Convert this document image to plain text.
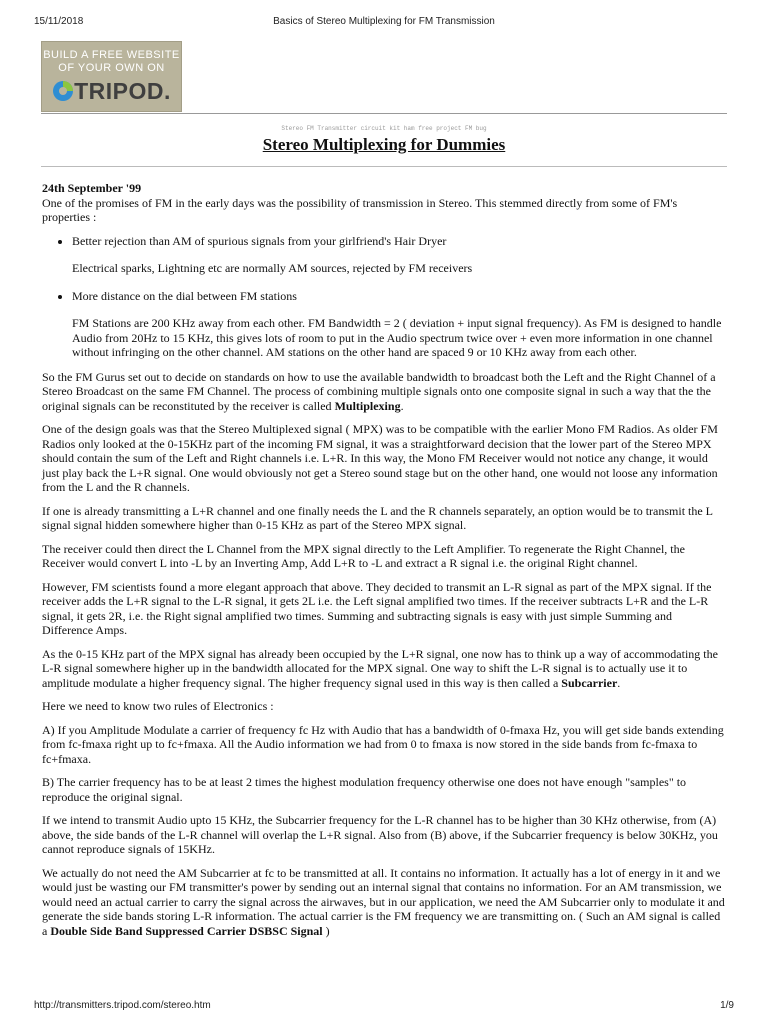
15/11/2018	Basics of Stereo Multiplexing for FM Transmission
BUILD A FREE WEBSITE
OF YOUR OWN ON
TRIPOD.
Stereo FM Transmitter circuit kit ham free project FM bug
Stereo Multiplexing for Dummies

24th September '99

One of the promises of FM in the early days was the possibility of transmission in Stereo. This stemmed directly from some of FM's properties :

• Better rejection than AM of spurious signals from your girlfriend's Hair Dryer

Electrical sparks, Lightning etc are normally AM sources, rejected by FM receivers

• More distance on the dial between FM stations

FM Stations are 200 KHz away from each other. FM Bandwidth = 2 ( deviation + input signal frequency). As FM is designed to handle Audio from 20Hz to 15 KHz, this gives lots of room to put in the Audio spectrum twice over + even more information in one channel without infringing on the other channel. AM stations on the other hand are spaced 9 or 10 KHz away from each other.

So the FM Gurus set out to decide on standards on how to use the available bandwidth to broadcast both the Left and the Right Channel of a Stereo Broadcast on the same FM Channel. The process of combining multiple signals onto one composite signal in such a way that the the original signals can be reconstituted by the receiver is called Multiplexing.

One of the design goals was that the Stereo Multiplexed signal ( MPX) was to be compatible with the earlier Mono FM Radios. As older FM Radios only looked at the 0-15KHz part of the incoming FM signal, it was a straightforward decision that the lower part of the Stereo MPX should contain the sum of the Left and Right channels i.e. L+R. In this way, the Mono FM Receiver would not notice any change, it would just play back the L+R signal. One would obviously not get a Stereo sound stage but on the other hand, one would not loose any information from the L and the R channels.

If one is already transmitting a L+R channel and one finally needs the L and the R channels separately, an option would be to transmit the L signal signal hidden somewhere higher than 0-15 KHz as part of the Stereo MPX signal.

The receiver could then direct the L Channel from the MPX signal directly to the Left Amplifier. To regenerate the Right Channel, the Receiver would convert L into -L by an Inverting Amp, Add L+R to -L and extract a R signal i.e. the original Right channel.

However, FM scientists found a more elegant approach that above. They decided to transmit an L-R signal as part of the MPX signal. If the receiver adds the L+R signal to the L-R signal, it gets 2L i.e. the Left signal amplified two times. If the receiver subtracts L+R and the L-R signal, it gets 2R, i.e. the Right signal amplified two times. Summing and subtracting signals is easy with just simple Summing and Difference Amps.

As the 0-15 KHz part of the MPX signal has already been occupied by the L+R signal, one now has to think up a way of accommodating the L-R signal somewhere higher up in the bandwidth allocated for the MPX signal. One way to shift the L-R signal is to actually use it to amplitude modulate a higher frequency signal. The higher frequency signal used in this way is then called a Subcarrier.

Here we need to know two rules of Electronics :

A) If you Amplitude Modulate a carrier of frequency fc Hz with Audio that has a bandwidth of 0-fmaxa Hz, you will get side bands extending from fc-fmaxa right up to fc+fmaxa. All the Audio information we had from 0 to fmaxa is now stored in the side bands from fc-fmaxa to fc+fmaxa.

B) The carrier frequency has to be at least 2 times the highest modulation frequency otherwise one does not have enough "samples" to reproduce the original signal.

If we intend to transmit Audio upto 15 KHz, the Subcarrier frequency for the L-R channel has to be higher than 30 KHz otherwise, from (A) above, the side bands of the L-R channel will overlap the L+R signal. Also from (B) above, if the Subcarrier frequency is below 30KHz, you cannot reproduce signals of 15KHz.

We actually do not need the AM Subcarrier at fc to be transmitted at all. It contains no information. It actually has a lot of energy in it and we would just be wasting our FM transmitter's power by sending out an internal signal that contains no information. For an AM transmission, we would need an actual carrier to carry the signal across the airwaves, but in our application, we need the AM Subcarrier only to modulate it and generate the side bands storing L-R information. The actual carrier is the FM frequency we are transmitting on. ( Such an AM signal is called a Double Side Band Suppressed Carrier DSBSC Signal )

http://transmitters.tripod.com/stereo.htm	1/9
